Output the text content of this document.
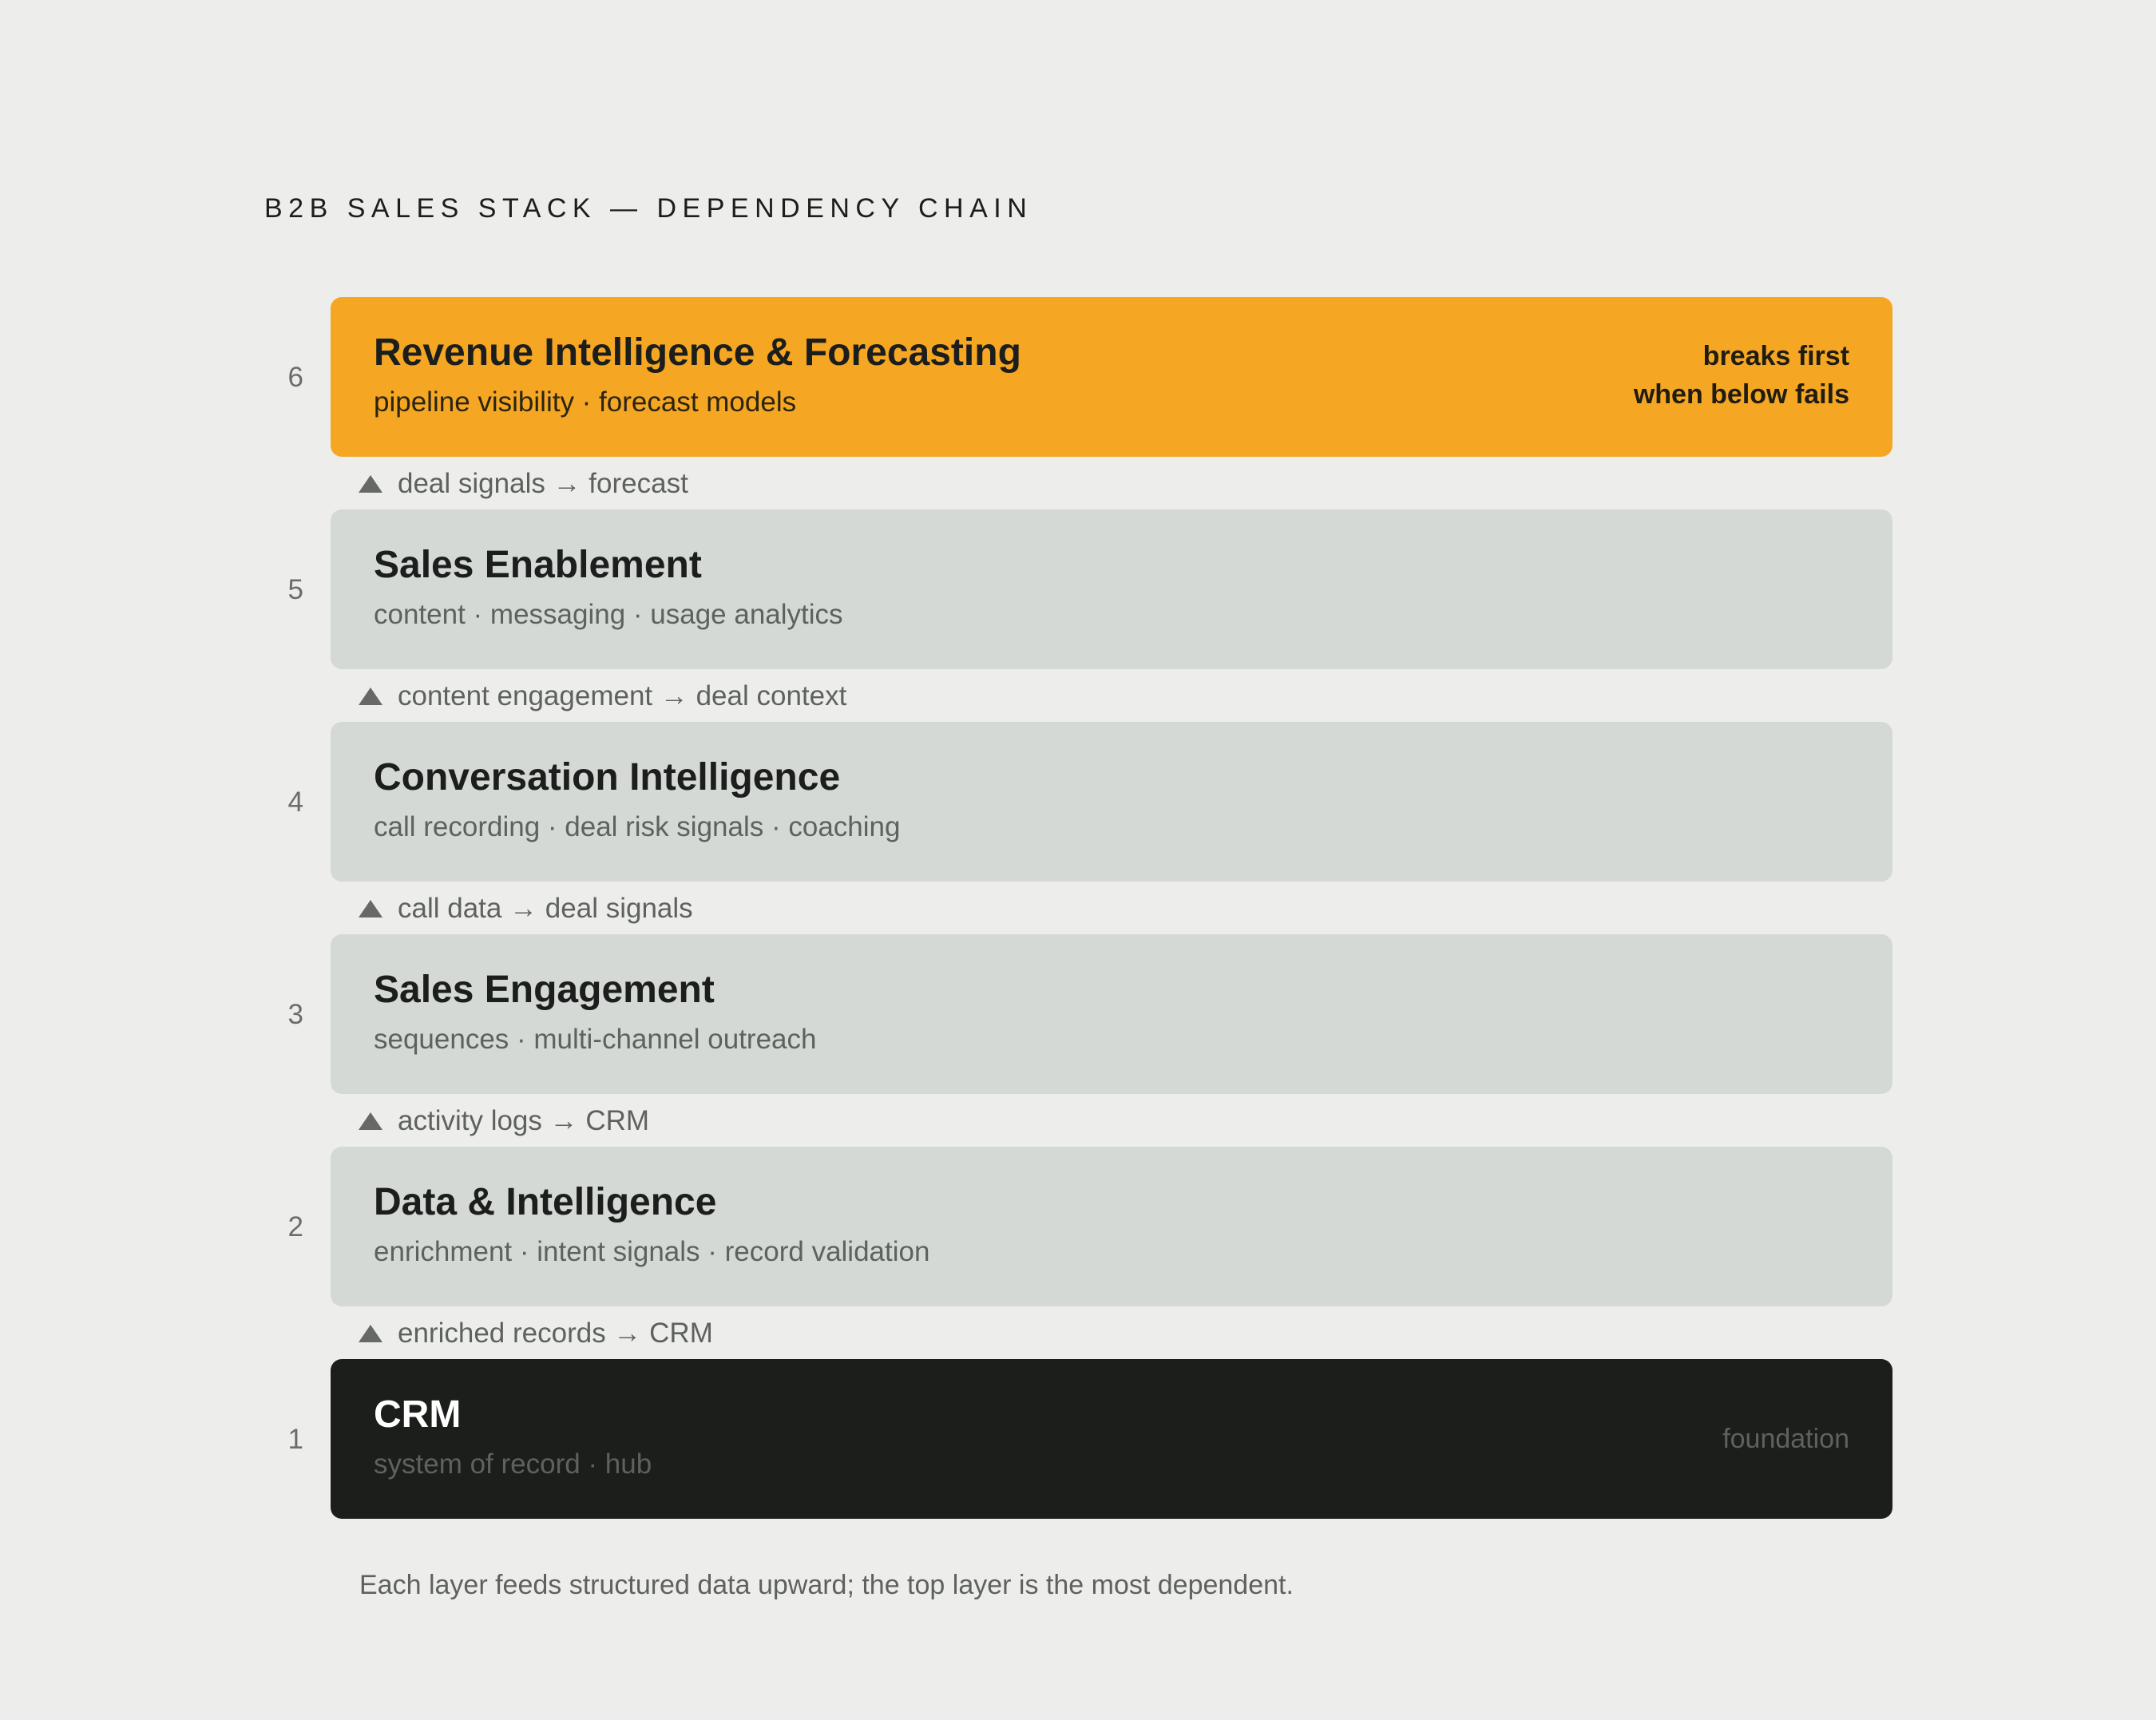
B2B SALES STACK — DEPENDENCY CHAIN
6
Revenue Intelligence & Forecasting
pipeline visibility · forecast models
breaks first
when below fails
deal signals → forecast
5
Sales Enablement
content · messaging · usage analytics
content engagement → deal context
4
Conversation Intelligence
call recording · deal risk signals · coaching
call data → deal signals
3
Sales Engagement
sequences · multi-channel outreach
activity logs → CRM
2
Data & Intelligence
enrichment · intent signals · record validation
enriched records → CRM
1
CRM
system of record · hub
foundation
Each layer feeds structured data upward; the top layer is the most dependent.
